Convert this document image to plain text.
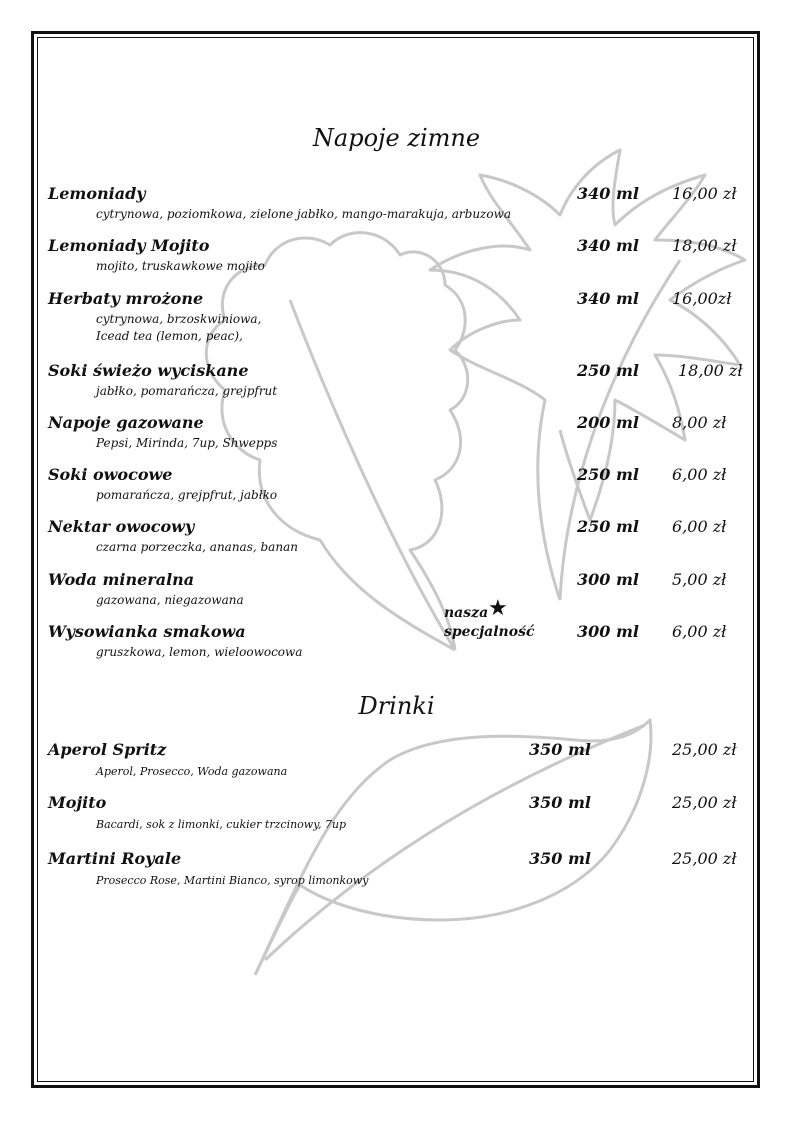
Napoje zimne
Lemoniady
cytrynowa, poziomkowa, zielone jabłko, mango-marakuja, arbuzowa
340 ml 16,00 zł
Lemoniady Mojito
mojito, truskawkowe mojito
340 ml 18,00 zł
Herbaty mrożone
cytrynowa, brzoskwiniowa,
Icead tea (lemon, peac),
340 ml 16,00zł
Soki świeżo wyciskane
jabłko, pomarańcza, grejpfrut
250 ml 18,00 zł
Napoje gazowane
Pepsi, Mirinda, 7up, Shwepps
200 ml 8,00 zł
Soki owocowe
pomarańcza, grejpfrut, jabłko
250 ml 6,00 zł
Nektar owocowy
czarna porzeczka, ananas, banan
250 ml 6,00 zł
Woda mineralna
gazowana, niegazowana
300 ml 5,00 zł
Wysowianka smakowa
gruszkowa, lemon, wieloowocowa
300 ml 6,00 zł
nasza
specjalność
★
Drinki
Aperol Spritz
Aperol, Prosecco, Woda gazowana
350 ml	25,00 zł
Mojito
Bacardi, sok z limonki, cukier trzcinowy, 7up
350 ml	25,00 zł
Martini Royale
Prosecco Rose, Martini Bianco, syrop limonkowy
350 ml	25,00 zł
